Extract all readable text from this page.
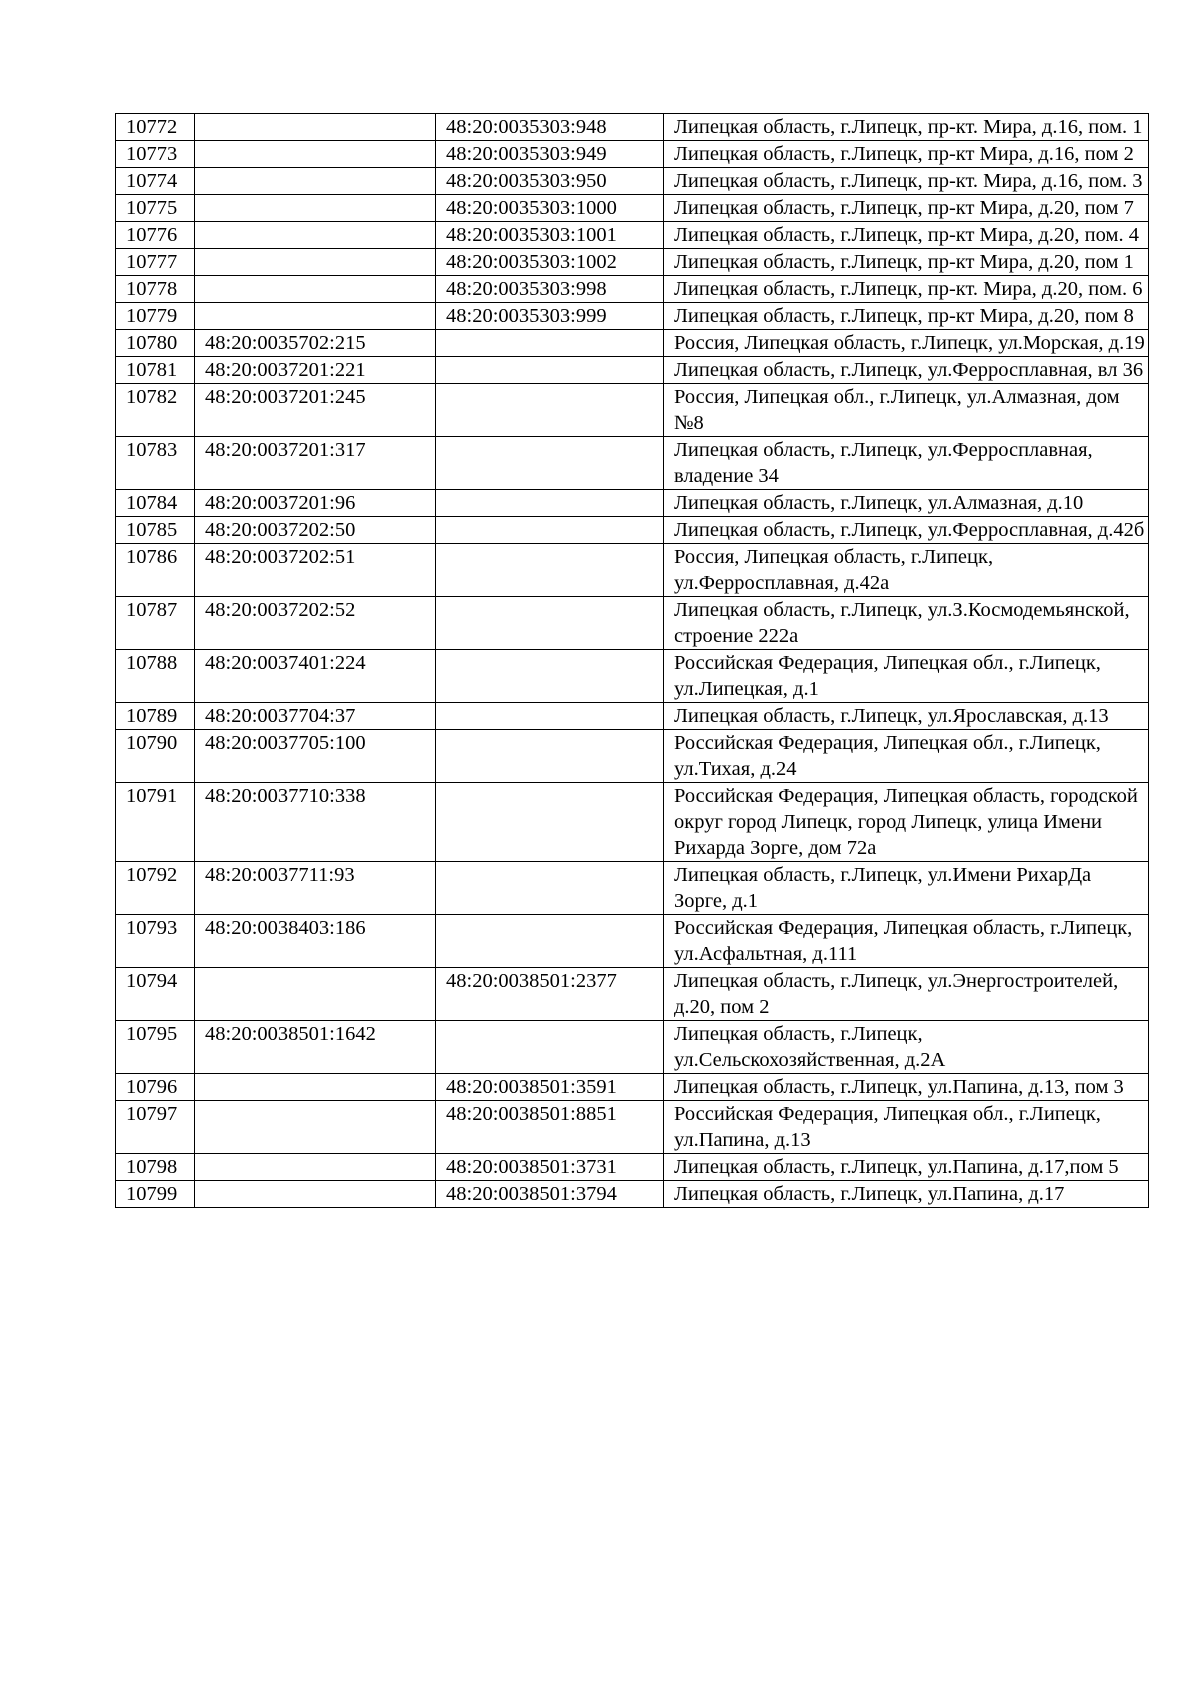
10772		48:20:0035303:948	Липецкая область, г.Липецк, пр-кт. Мира, д.16, пом. 1
10773		48:20:0035303:949	Липецкая область, г.Липецк, пр-кт Мира, д.16, пом 2
10774		48:20:0035303:950	Липецкая область, г.Липецк, пр-кт. Мира, д.16, пом. 3
10775		48:20:0035303:1000	Липецкая область, г.Липецк, пр-кт Мира, д.20, пом 7
10776		48:20:0035303:1001	Липецкая область, г.Липецк, пр-кт Мира, д.20, пом. 4
10777		48:20:0035303:1002	Липецкая область, г.Липецк, пр-кт Мира, д.20, пом 1
10778		48:20:0035303:998	Липецкая область, г.Липецк, пр-кт. Мира, д.20, пом. 6
10779		48:20:0035303:999	Липецкая область, г.Липецк, пр-кт Мира, д.20, пом 8
10780	48:20:0035702:215		Россия, Липецкая область, г.Липецк, ул.Морская, д.19
10781	48:20:0037201:221		Липецкая область, г.Липецк, ул.Ферросплавная, вл 36
10782	48:20:0037201:245		Россия, Липецкая обл., г.Липецк, ул.Алмазная, дом №8
10783	48:20:0037201:317		Липецкая область, г.Липецк, ул.Ферросплавная, владение 34
10784	48:20:0037201:96		Липецкая область, г.Липецк, ул.Алмазная, д.10
10785	48:20:0037202:50		Липецкая область, г.Липецк, ул.Ферросплавная, д.42б
10786	48:20:0037202:51		Россия, Липецкая область, г.Липецк, ул.Ферросплавная, д.42а
10787	48:20:0037202:52		Липецкая область, г.Липецк, ул.З.Космодемьянской, строение 222а
10788	48:20:0037401:224		Российская Федерация, Липецкая обл., г.Липецк, ул.Липецкая, д.1
10789	48:20:0037704:37		Липецкая область, г.Липецк, ул.Ярославская, д.13
10790	48:20:0037705:100		Российская Федерация, Липецкая обл., г.Липецк, ул.Тихая, д.24
10791	48:20:0037710:338		Российская Федерация, Липецкая область, городской округ город Липецк, город Липецк, улица Имени Рихарда Зорге, дом 72а
10792	48:20:0037711:93		Липецкая область, г.Липецк, ул.Имени РихарДа Зорге, д.1
10793	48:20:0038403:186		Российская Федерация, Липецкая область, г.Липецк, ул.Асфальтная, д.111
10794		48:20:0038501:2377	Липецкая область, г.Липецк, ул.Энергостроителей, д.20, пом 2
10795	48:20:0038501:1642		Липецкая область, г.Липецк, ул.Сельскохозяйственная, д.2А
10796		48:20:0038501:3591	Липецкая область, г.Липецк, ул.Папина, д.13, пом 3
10797		48:20:0038501:8851	Российская Федерация, Липецкая обл., г.Липецк, ул.Папина, д.13
10798		48:20:0038501:3731	Липецкая область, г.Липецк, ул.Папина, д.17,пом 5
10799		48:20:0038501:3794	Липецкая область, г.Липецк, ул.Папина, д.17
